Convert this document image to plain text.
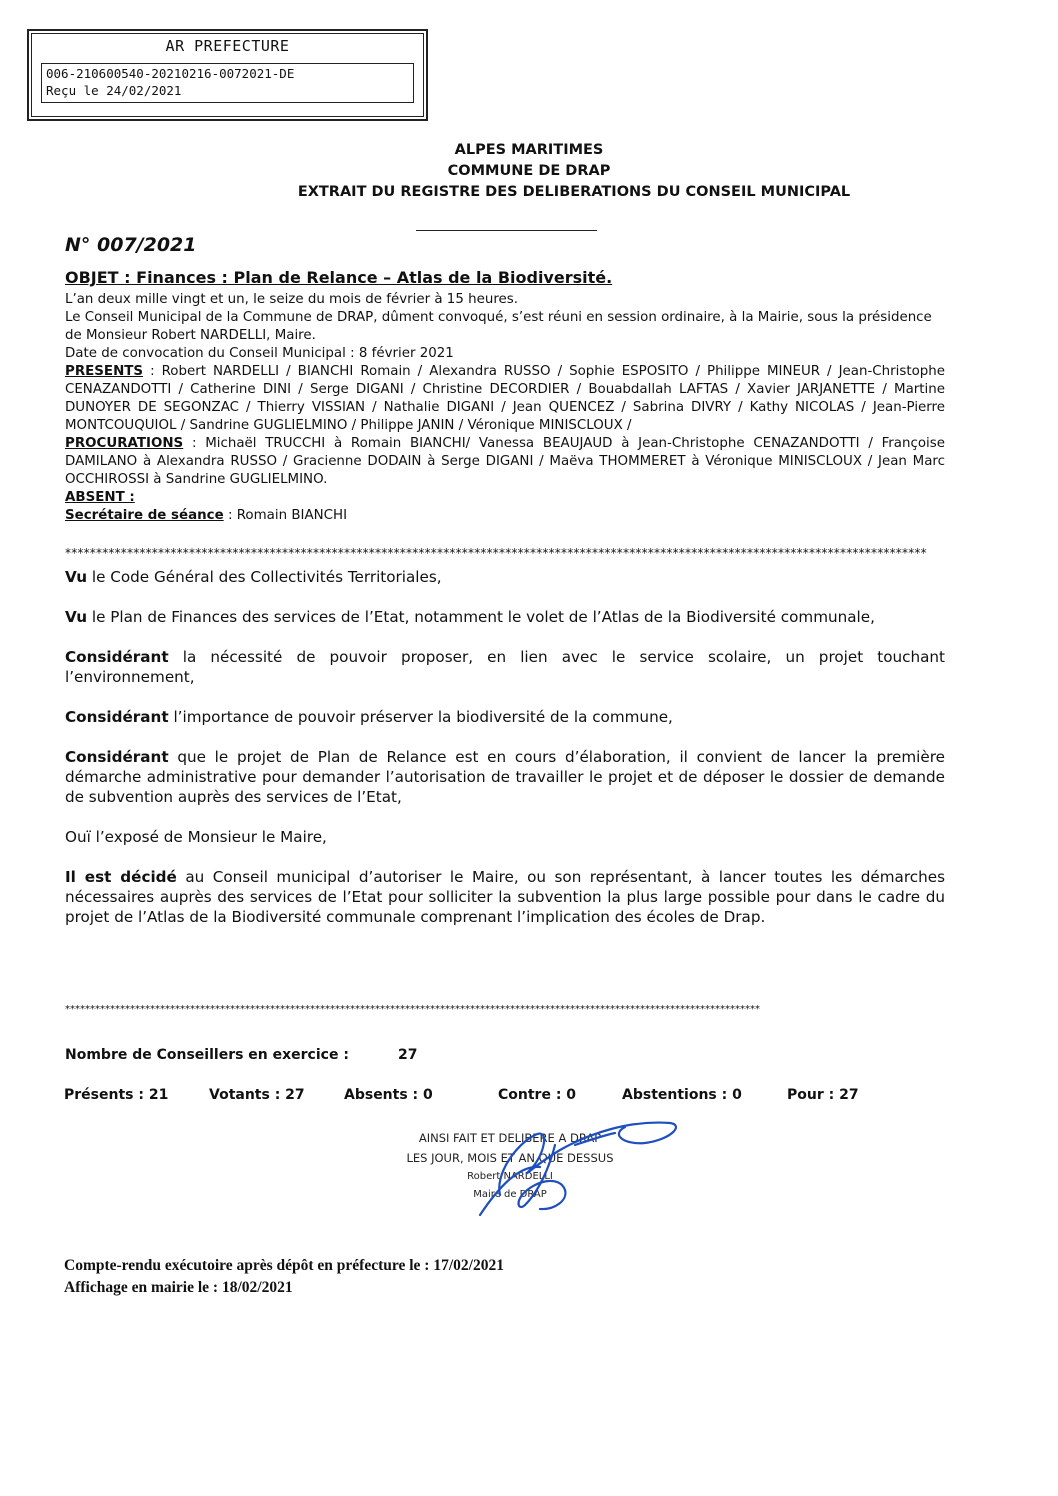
AR PREFECTURE
006-210600540-20210216-0072021-DE
Reçu le 24/02/2021
ALPES MARITIMES
COMMUNE DE DRAP
EXTRAIT DU REGISTRE DES DELIBERATIONS DU CONSEIL MUNICIPAL
N° 007/2021
OBJET : Finances : Plan de Relance – Atlas de la Biodiversité.

L’an deux mille vingt et un, le seize du mois de février à 15 heures.

Le Conseil Municipal de la Commune de DRAP, dûment convoqué, s’est réuni en session ordinaire, à la Mairie, sous la présidence de Monsieur Robert NARDELLI, Maire.

Date de convocation du Conseil Municipal : 8 février 2021

PRESENTS : Robert NARDELLI / BIANCHI Romain / Alexandra RUSSO / Sophie ESPOSITO / Philippe MINEUR / Jean-Christophe CENAZANDOTTI / Catherine DINI / Serge DIGANI / Christine DECORDIER / Bouabdallah LAFTAS / Xavier JARJANETTE / Martine DUNOYER DE SEGONZAC / Thierry VISSIAN / Nathalie DIGANI / Jean QUENCEZ / Sabrina DIVRY / Kathy NICOLAS / Jean-Pierre MONTCOUQUIOL / Sandrine GUGLIELMINO / Philippe JANIN / Véronique MINISCLOUX /

PROCURATIONS : Michaël TRUCCHI à Romain BIANCHI/ Vanessa BEAUJAUD à Jean-Christophe CENAZANDOTTI / Françoise DAMILANO à Alexandra RUSSO / Gracienne DODAIN à Serge DIGANI / Maëva THOMMERET à Véronique MINISCLOUX / Jean Marc OCCHIROSSI à Sandrine GUGLIELMINO.

ABSENT :

Secrétaire de séance : Romain BIANCHI

*******************************************************************************************************************************************

Vu le Code Général des Collectivités Territoriales,

Vu le Plan de Finances des services de l’Etat, notamment le volet de l’Atlas de la Biodiversité communale,

Considérant la nécessité de pouvoir proposer, en lien avec le service scolaire, un projet touchant l’environnement,

Considérant l’importance de pouvoir préserver la biodiversité de la commune,

Considérant que le projet de Plan de Relance est en cours d’élaboration, il convient de lancer la première démarche administrative pour demander l’autorisation de travailler le projet et de déposer le dossier de demande de subvention auprès des services de l’Etat,

Ouï l’exposé de Monsieur le Maire,

Il est décidé au Conseil municipal d’autoriser le Maire, ou son représentant, à lancer toutes les démarches nécessaires auprès des services de l’Etat pour solliciter la subvention la plus large possible pour dans le cadre du projet de l’Atlas de la Biodiversité communale comprenant l’implication des écoles de Drap.

*******************************************************************************************************************************************
Nombre de Conseillers en exercice :	27
Présents : 21	Votants : 27	Absents : 0	Contre : 0	Abstentions : 0	Pour : 27
AINSI FAIT ET DELIBERE A DRAP
LES JOUR, MOIS ET AN QUE DESSUS
Robert NARDELLI
Maire de DRAP
Compte-rendu exécutoire après dépôt en préfecture le : 17/02/2021
Affichage en mairie le : 18/02/2021
